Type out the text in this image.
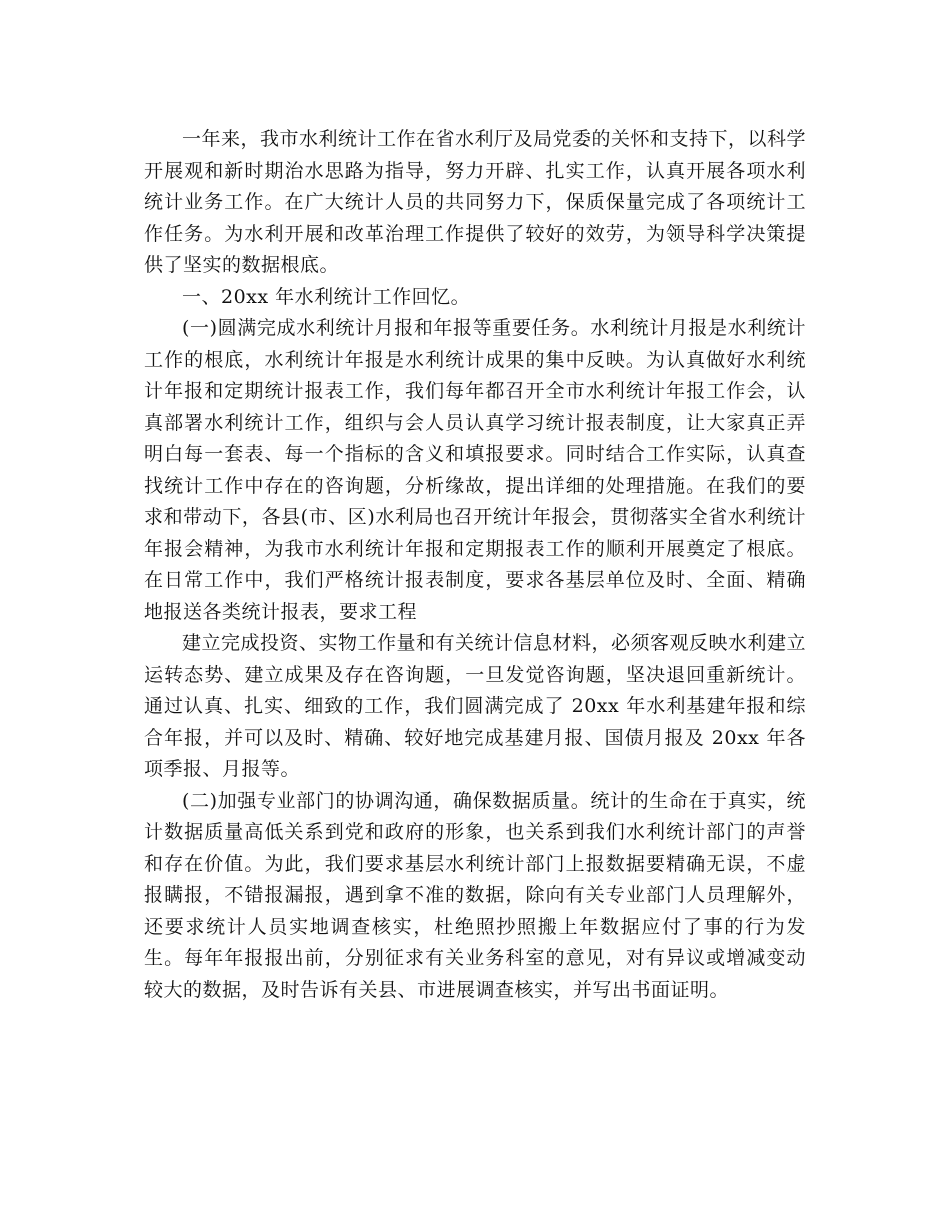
一年来，我市水利统计工作在省水利厅及局党委的关怀和支持下，以科学开展观和新时期治水思路为指导，努力开辟、扎实工作，认真开展各项水利统计业务工作。在广大统计人员的共同努力下，保质保量完成了各项统计工作任务。为水利开展和改革治理工作提供了较好的效劳，为领导科学决策提供了坚实的数据根底。

一、20xx 年水利统计工作回忆。

(一)圆满完成水利统计月报和年报等重要任务。水利统计月报是水利统计工作的根底，水利统计年报是水利统计成果的集中反映。为认真做好水利统计年报和定期统计报表工作，我们每年都召开全市水利统计年报工作会，认真部署水利统计工作，组织与会人员认真学习统计报表制度，让大家真正弄明白每一套表、每一个指标的含义和填报要求。同时结合工作实际，认真查找统计工作中存在的咨询题，分析缘故，提出详细的处理措施。在我们的要求和带动下，各县(市、区)水利局也召开统计年报会，贯彻落实全省水利统计年报会精神，为我市水利统计年报和定期报表工作的顺利开展奠定了根底。在日常工作中，我们严格统计报表制度，要求各基层单位及时、全面、精确地报送各类统计报表，要求工程

建立完成投资、实物工作量和有关统计信息材料，必须客观反映水利建立运转态势、建立成果及存在咨询题，一旦发觉咨询题，坚决退回重新统计。通过认真、扎实、细致的工作，我们圆满完成了 20xx 年水利基建年报和综合年报，并可以及时、精确、较好地完成基建月报、国债月报及 20xx 年各项季报、月报等。

(二)加强专业部门的协调沟通，确保数据质量。统计的生命在于真实，统计数据质量高低关系到党和政府的形象，也关系到我们水利统计部门的声誉和存在价值。为此，我们要求基层水利统计部门上报数据要精确无误，不虚报瞒报，不错报漏报，遇到拿不准的数据，除向有关专业部门人员理解外，还要求统计人员实地调查核实，杜绝照抄照搬上年数据应付了事的行为发生。每年年报报出前，分别征求有关业务科室的意见，对有异议或增减变动较大的数据，及时告诉有关县、市进展调查核实，并写出书面证明。
